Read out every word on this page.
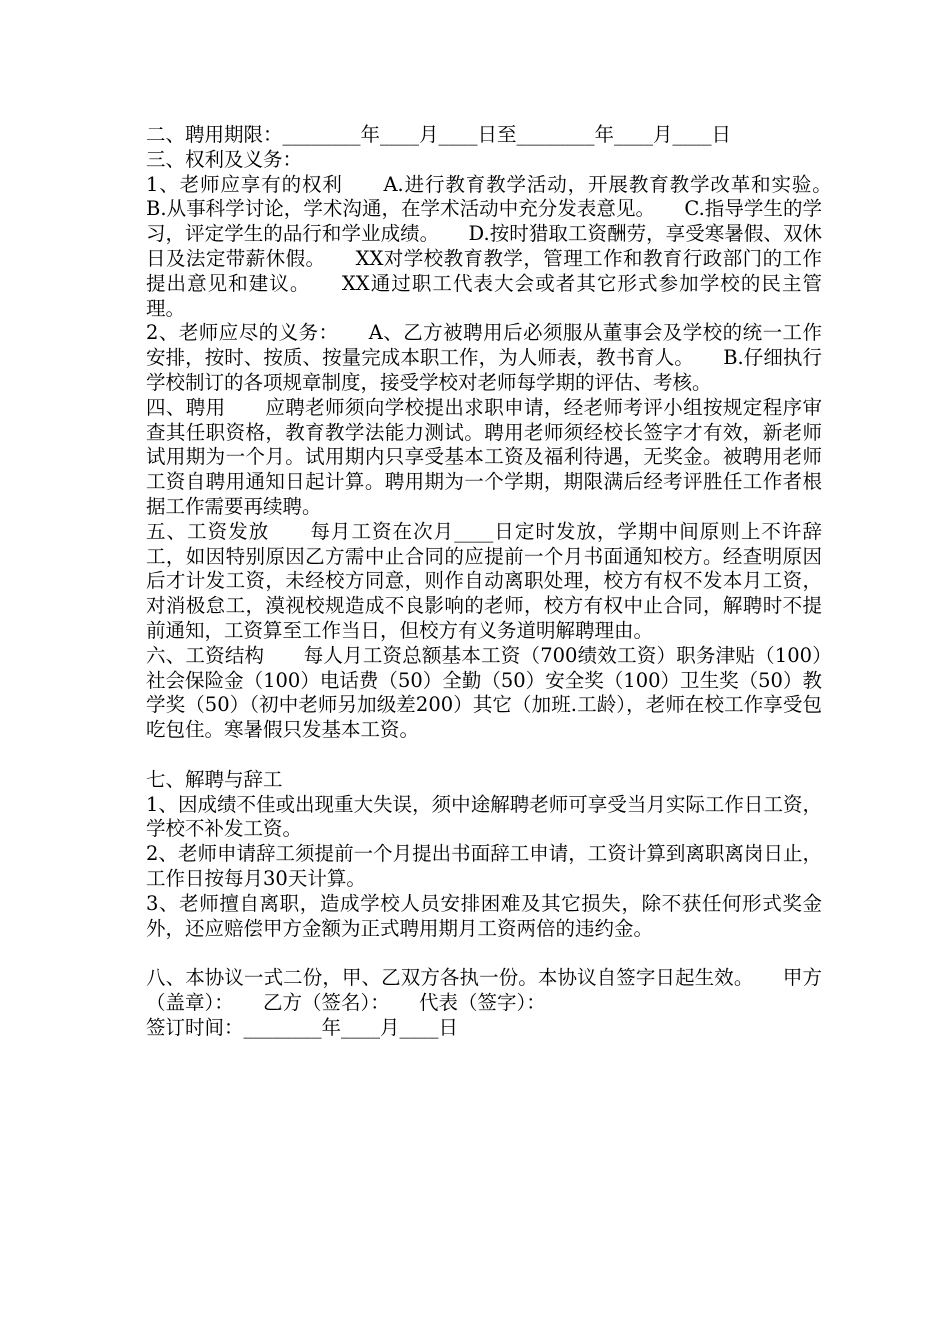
二、聘用期限：________年____月____日至________年____月____日

三、权利及义务：

1、老师应享有的权利　　A.进行教育教学活动，开展教育教学改革和实验。　　B.从事科学讨论，学术沟通，在学术活动中充分发表意见。　　C.指导学生的学习，评定学生的品行和学业成绩。　　D.按时猎取工资酬劳，享受寒暑假、双休日及法定带薪休假。　　XX对学校教育教学，管理工作和教育行政部门的工作提出意见和建议。　　XX通过职工代表大会或者其它形式参加学校的民主管理。

2、老师应尽的义务：　　A、乙方被聘用后必须服从董事会及学校的统一工作安排，按时、按质、按量完成本职工作，为人师表，教书育人。　　B.仔细执行学校制订的各项规章制度，接受学校对老师每学期的评估、考核。

四、聘用　　应聘老师须向学校提出求职申请，经老师考评小组按规定程序审查其任职资格，教育教学法能力测试。聘用老师须经校长签字才有效，新老师试用期为一个月。试用期内只享受基本工资及福利待遇，无奖金。被聘用老师工资自聘用通知日起计算。聘用期为一个学期，期限满后经考评胜任工作者根据工作需要再续聘。

五、工资发放　　每月工资在次月____日定时发放，学期中间原则上不许辞工，如因特别原因乙方需中止合同的应提前一个月书面通知校方。经查明原因后才计发工资，未经校方同意，则作自动离职处理，校方有权不发本月工资，对消极怠工，漠视校规造成不良影响的老师，校方有权中止合同，解聘时不提前通知，工资算至工作当日，但校方有义务道明解聘理由。

六、工资结构　　每人月工资总额基本工资（700绩效工资）职务津贴（100）社会保险金（100）电话费（50）全勤（50）安全奖（100）卫生奖（50）教学奖（50）（初中老师另加级差200）其它（加班.工龄），老师在校工作享受包吃包住。寒暑假只发基本工资。

七、解聘与辞工

1、因成绩不佳或出现重大失误，须中途解聘老师可享受当月实际工作日工资，学校不补发工资。

2、老师申请辞工须提前一个月提出书面辞工申请，工资计算到离职离岗日止，工作日按每月30天计算。

3、老师擅自离职，造成学校人员安排困难及其它损失，除不获任何形式奖金外，还应赔偿甲方金额为正式聘用期月工资两倍的违约金。

八、本协议一式二份，甲、乙双方各执一份。本协议自签字日起生效。　　甲方（盖章）：　　乙方（签名）：　　代表（签字）：

签订时间：________年____月____日
